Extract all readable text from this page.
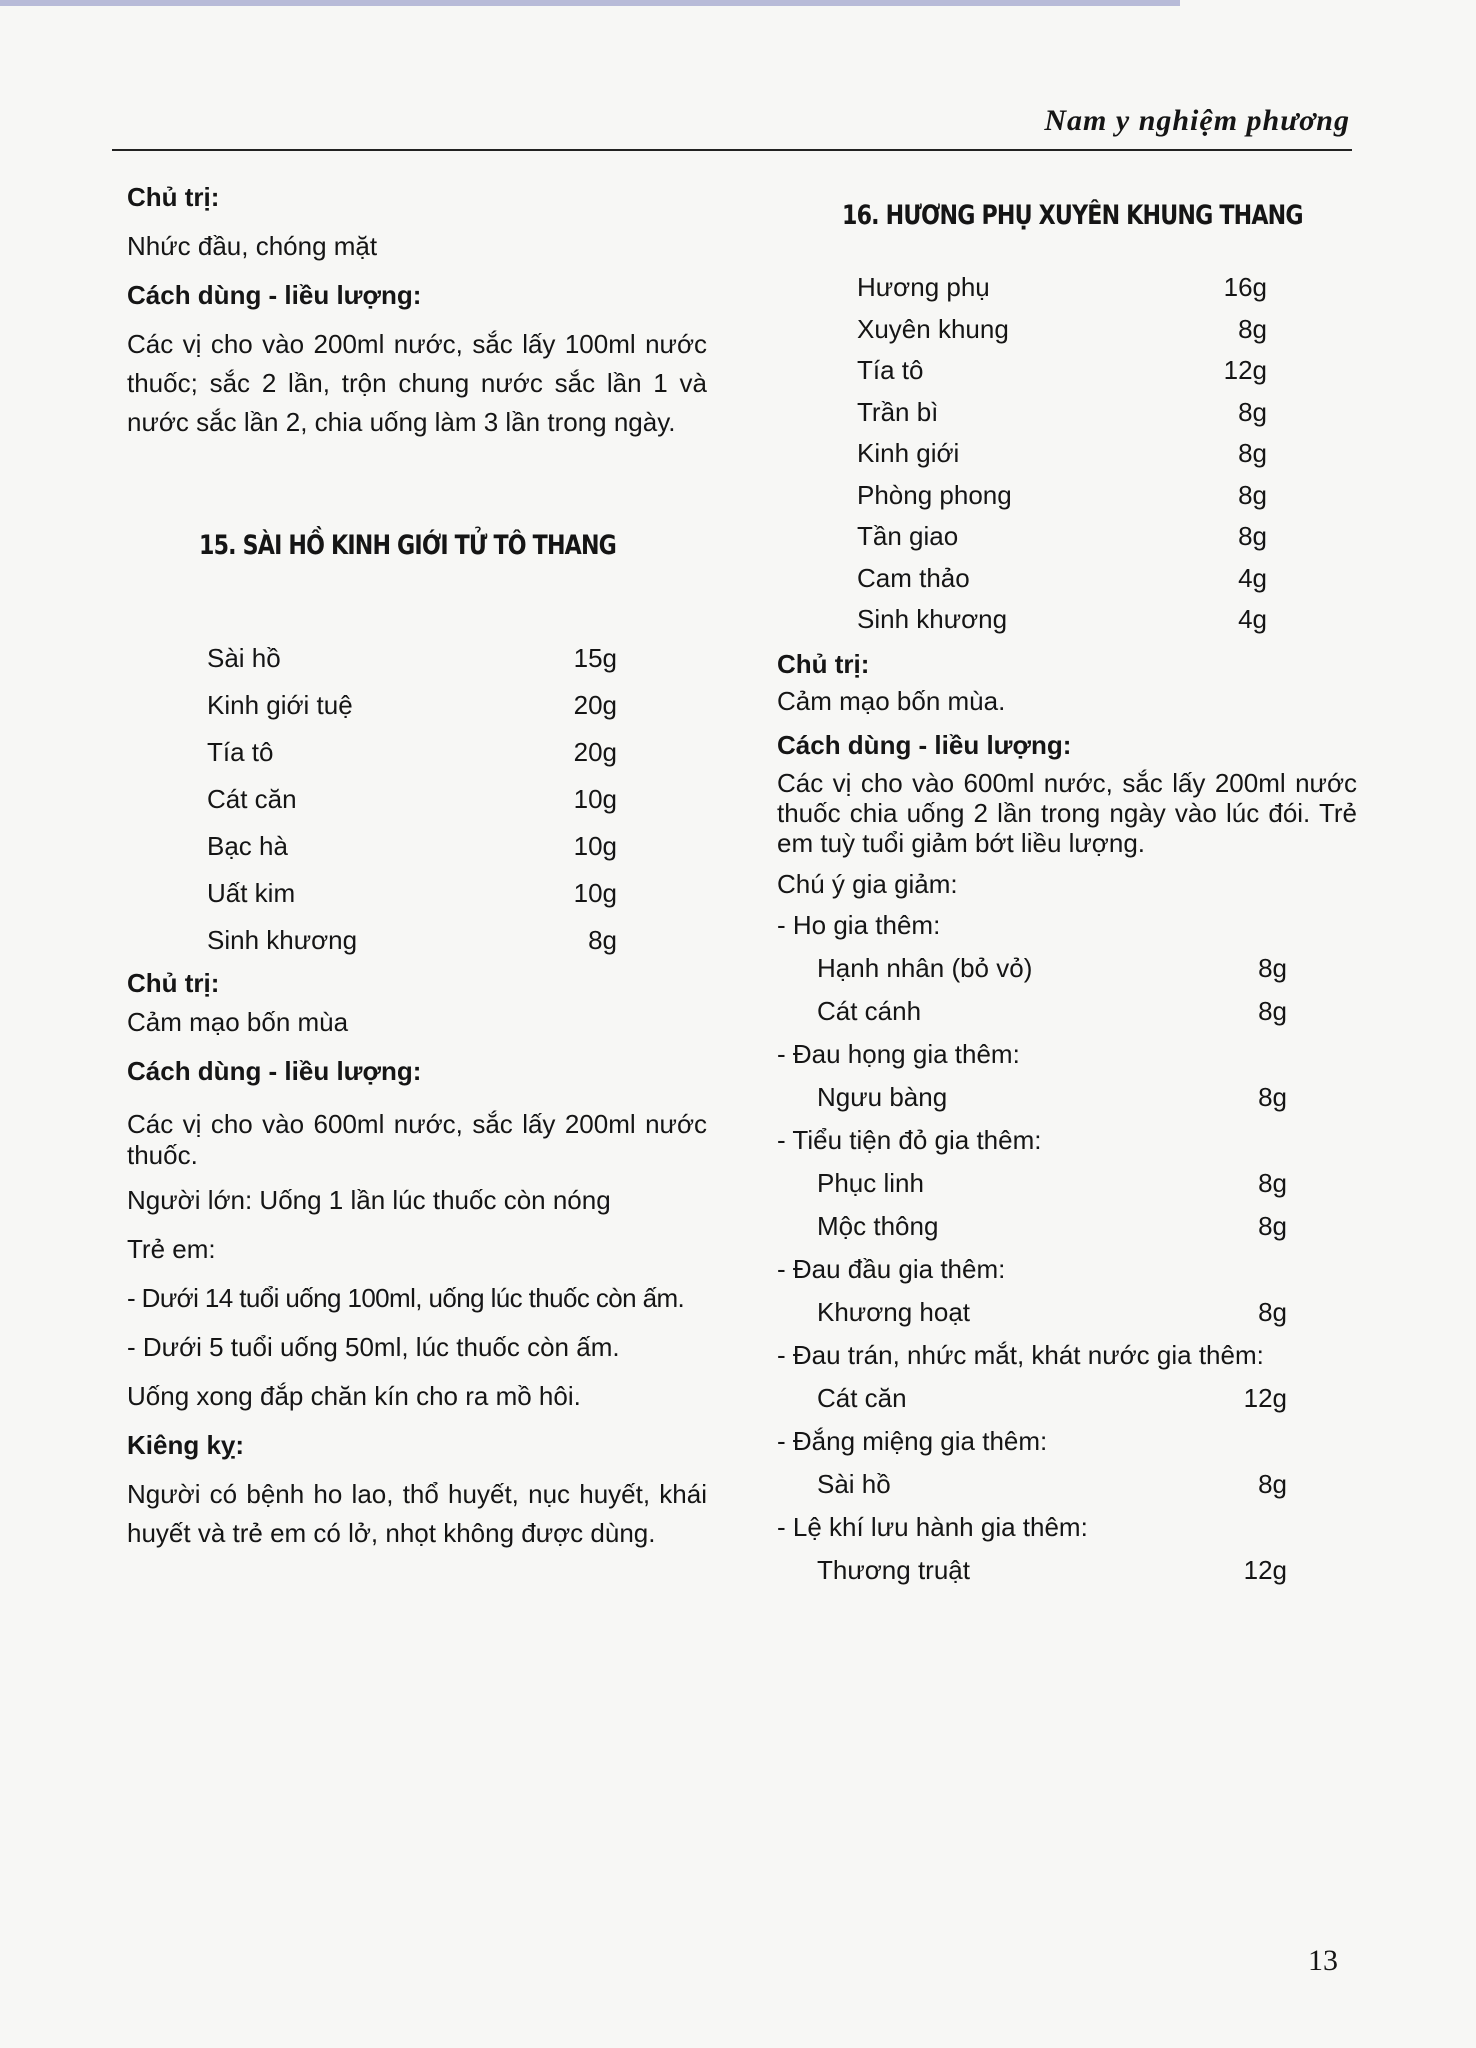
Nam y nghiệm phương

Chủ trị:

Nhức đầu, chóng mặt

Cách dùng - liều lượng:

Các vị cho vào 200ml nước, sắc lấy 100ml nước thuốc; sắc 2 lần, trộn chung nước sắc lần 1 và nước sắc lần 2, chia uống làm 3 lần trong ngày.

15. SÀI HỒ KINH GIỚI TỬ TÔ THANG
Sài hồ	15g
Kinh giới tuệ	20g
Tía tô	20g
Cát căn	10g
Bạc hà	10g
Uất kim	10g
Sinh khương	8g

Chủ trị:

Cảm mạo bốn mùa

Cách dùng - liều lượng:

Các vị cho vào 600ml nước, sắc lấy 200ml nước thuốc.

Người lớn: Uống 1 lần lúc thuốc còn nóng

Trẻ em:

- Dưới 14 tuổi uống 100ml, uống lúc thuốc còn ấm.

- Dưới 5 tuổi uống 50ml, lúc thuốc còn ấm.

Uống xong đắp chăn kín cho ra mồ hôi.

Kiêng kỵ:

Người có bệnh ho lao, thổ huyết, nục huyết, khái huyết và trẻ em có lở, nhọt không được dùng.

16. HƯƠNG PHỤ XUYÊN KHUNG THANG
Hương phụ	16g
Xuyên khung	8g
Tía tô	12g
Trần bì	8g
Kinh giới	8g
Phòng phong	8g
Tần giao	8g
Cam thảo	4g
Sinh khương	4g

Chủ trị:

Cảm mạo bốn mùa.

Cách dùng - liều lượng:

Các vị cho vào 600ml nước, sắc lấy 200ml nước thuốc chia uống 2 lần trong ngày vào lúc đói. Trẻ em tuỳ tuổi giảm bớt liều lượng.

Chú ý gia giảm:

- Ho gia thêm:
Hạnh nhân (bỏ vỏ)	8g
Cát cánh	8g
- Đau họng gia thêm:
Ngưu bàng	8g
- Tiểu tiện đỏ gia thêm:
Phục linh	8g
Mộc thông	8g
- Đau đầu gia thêm:
Khương hoạt	8g
- Đau trán, nhức mắt, khát nước gia thêm:
Cát căn	12g
- Đắng miệng gia thêm:
Sài hồ	8g
- Lệ khí lưu hành gia thêm:
Thương truật	12g
13
